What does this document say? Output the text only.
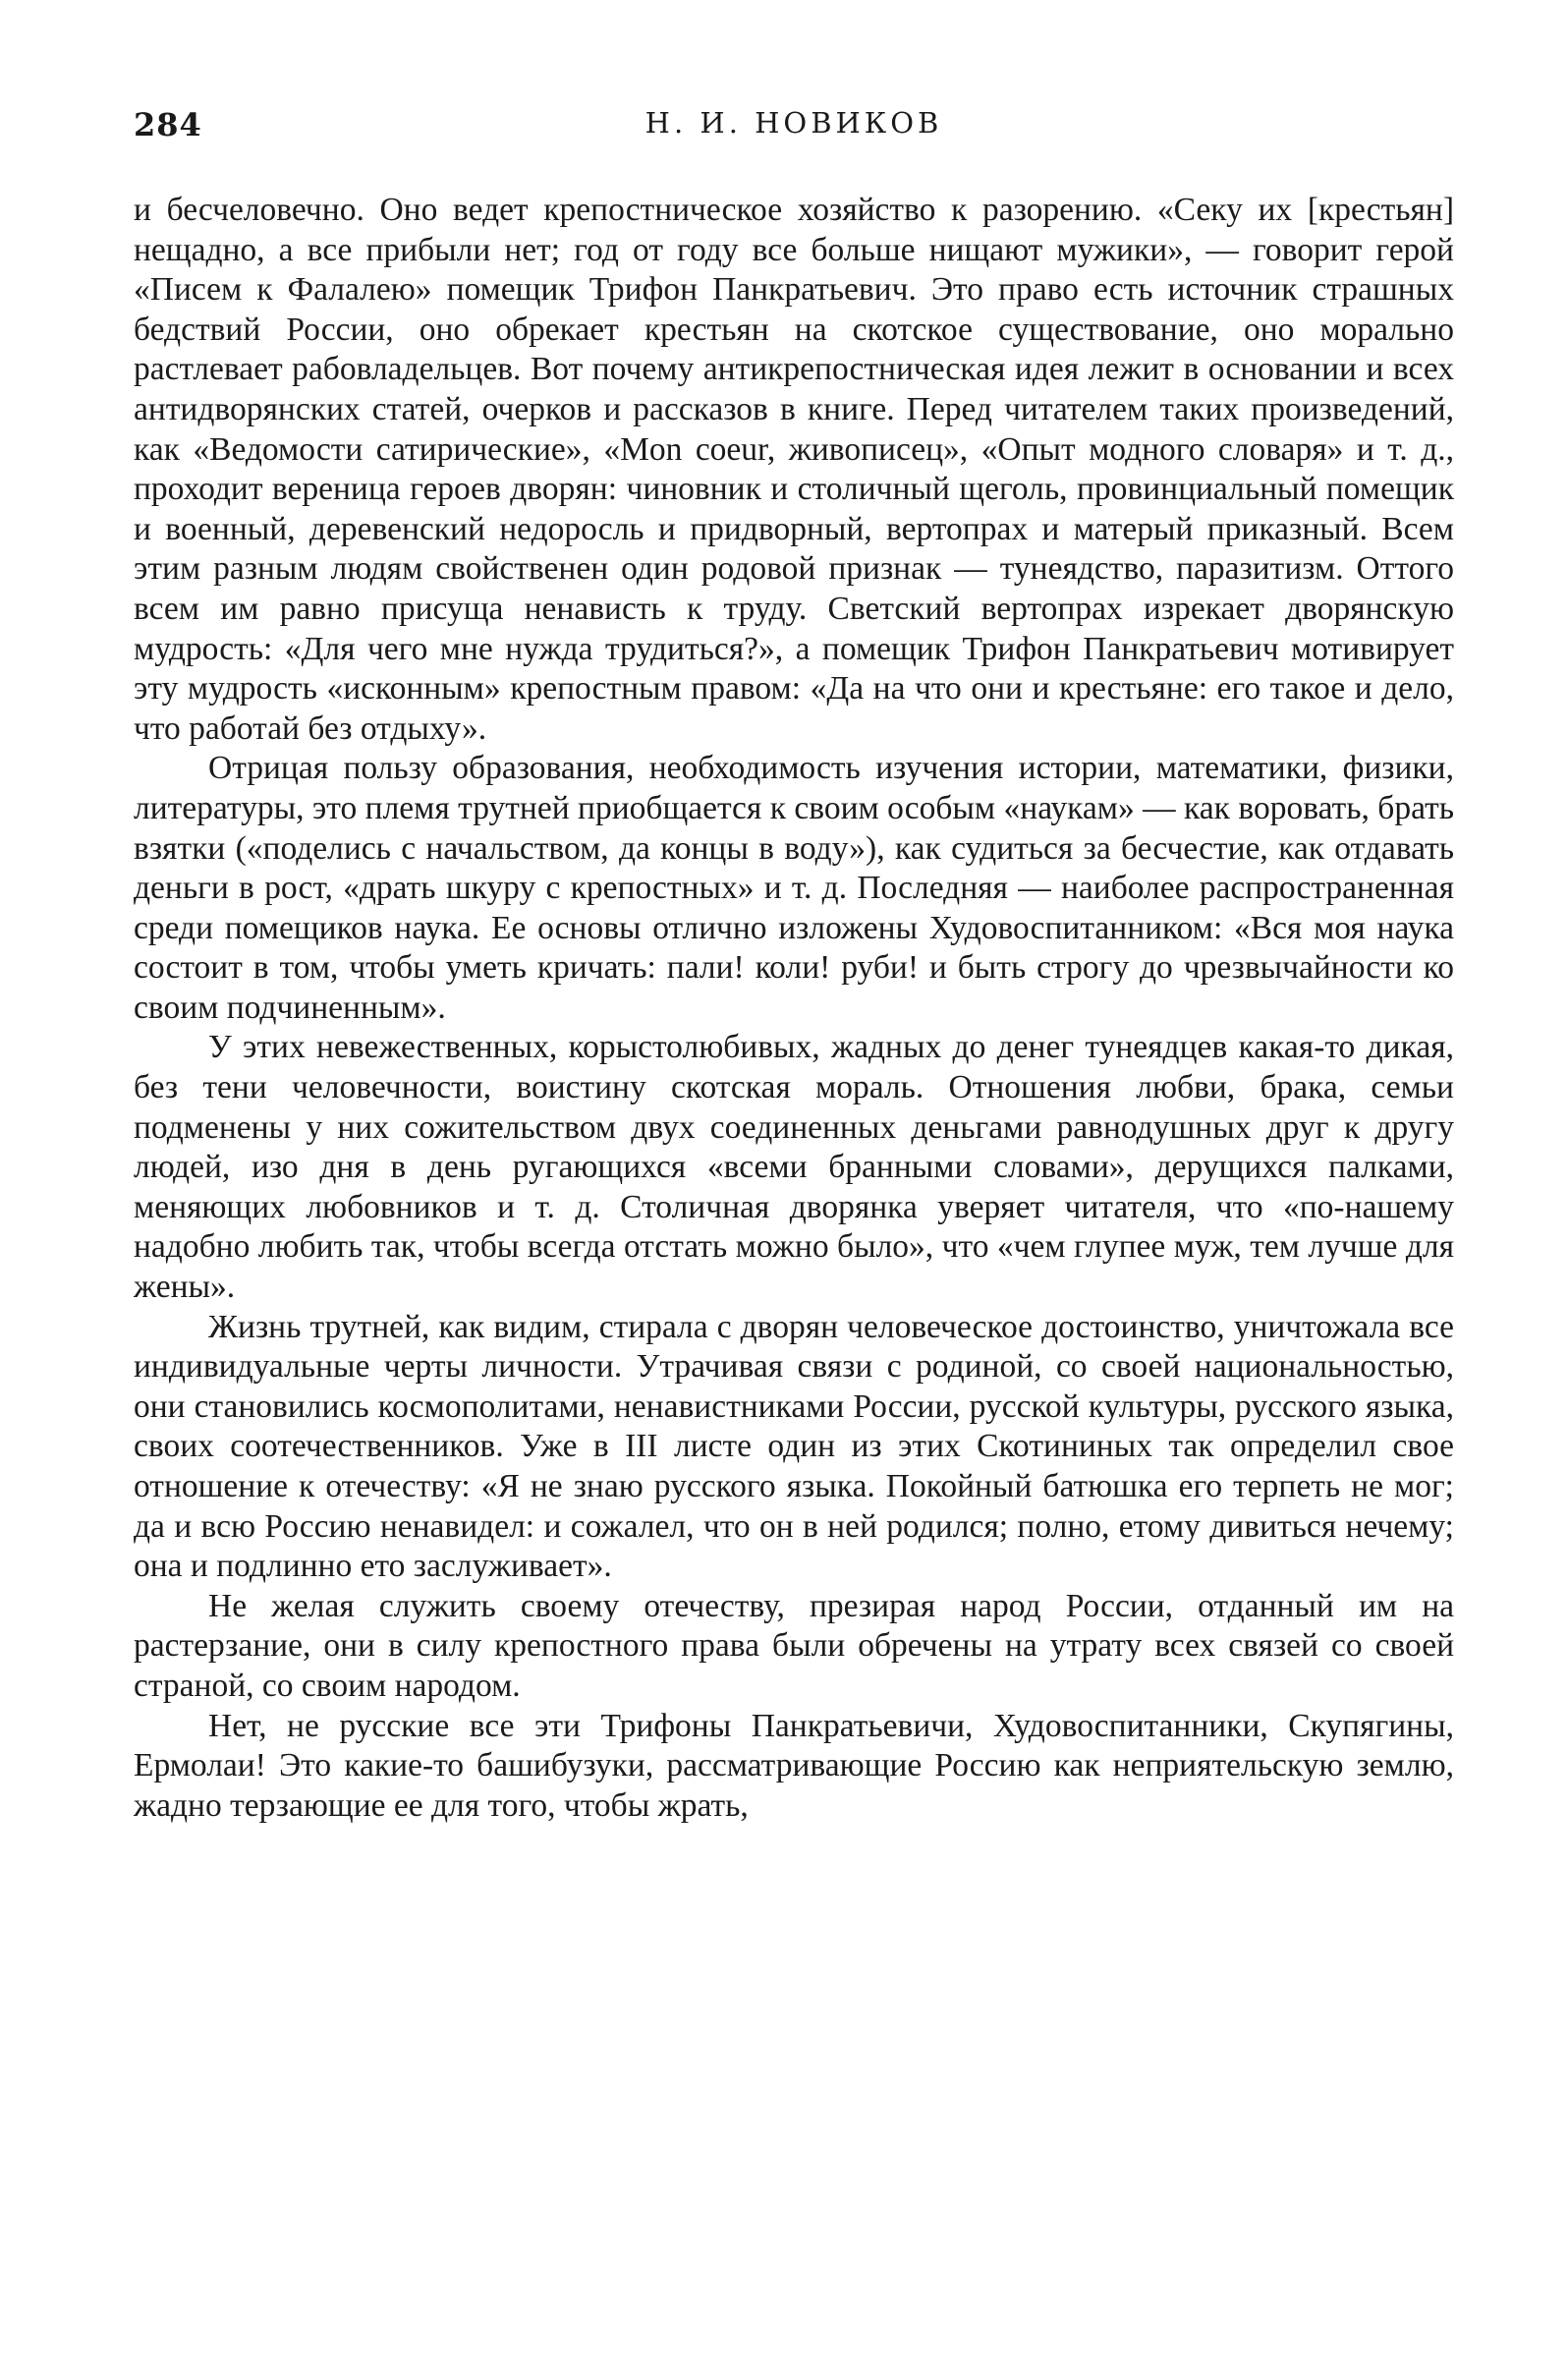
284	Н. И. НОВИКОВ

и бесчеловечно. Оно ведет крепостническое хозяйство к разорению. «Секу их [крестьян] нещадно, а все прибыли нет; год от году все больше нищают мужики», — говорит герой «Писем к Фалалею» помещик Трифон Панкратьевич. Это право есть источник страшных бедствий России, оно обрекает крестьян на скотское существование, оно морально растлевает рабовладельцев. Вот почему антикрепостническая идея лежит в основании и всех антидворянских статей, очерков и рассказов в книге. Перед читателем таких произведений, как «Ведомости сатирические», «Mon coeur, живописец», «Опыт модного словаря» и т. д., проходит вереница героев дворян: чиновник и столичный щеголь, провинциальный помещик и военный, деревенский недоросль и придворный, вертопрах и матерый приказный. Всем этим разным людям свойственен один родовой признак — тунеядство, паразитизм. Оттого всем им равно присуща ненависть к труду. Светский вертопрах изрекает дворянскую мудрость: «Для чего мне нужда трудиться?», а помещик Трифон Панкратьевич мотивирует эту мудрость «исконным» крепостным правом: «Да на что они и крестьяне: его такое и дело, что работай без отдыху».

Отрицая пользу образования, необходимость изучения истории, математики, физики, литературы, это племя трутней приобщается к своим особым «наукам» — как воровать, брать взятки («поделись с начальством, да концы в воду»), как судиться за бесчестие, как отдавать деньги в рост, «драть шкуру с крепостных» и т. д. Последняя — наиболее распространенная среди помещиков наука. Ее основы отлично изложены Худовоспитанником: «Вся моя наука состоит в том, чтобы уметь кричать: пали! коли! руби! и быть строгу до чрезвычайности ко своим подчиненным».

У этих невежественных, корыстолюбивых, жадных до денег тунеядцев какая-то дикая, без тени человечности, воистину скотская мораль. Отношения любви, брака, семьи подменены у них сожительством двух соединенных деньгами равнодушных друг к другу людей, изо дня в день ругающихся «всеми бранными словами», дерущихся палками, меняющих любовников и т. д. Столичная дворянка уверяет читателя, что «по-нашему надобно любить так, чтобы всегда отстать можно было», что «чем глупее муж, тем лучше для жены».

Жизнь трутней, как видим, стирала с дворян человеческое достоинство, уничтожала все индивидуальные черты личности. Утрачивая связи с родиной, со своей национальностью, они становились космополитами, ненавистниками России, русской культуры, русского языка, своих соотечественников. Уже в III листе один из этих Скотининых так определил свое отношение к отечеству: «Я не знаю русского языка. Покойный батюшка его терпеть не мог; да и всю Россию ненавидел: и сожалел, что он в ней родился; полно, етому дивиться нечему; она и подлинно ето заслуживает».

Не желая служить своему отечеству, презирая народ России, отданный им на растерзание, они в силу крепостного права были обречены на утрату всех связей со своей страной, со своим народом.

Нет, не русские все эти Трифоны Панкратьевичи, Худовоспитанники, Скупягины, Ермолаи! Это какие-то башибузуки, рассматривающие Россию как неприятельскую землю, жадно терзающие ее для того, чтобы жрать,
